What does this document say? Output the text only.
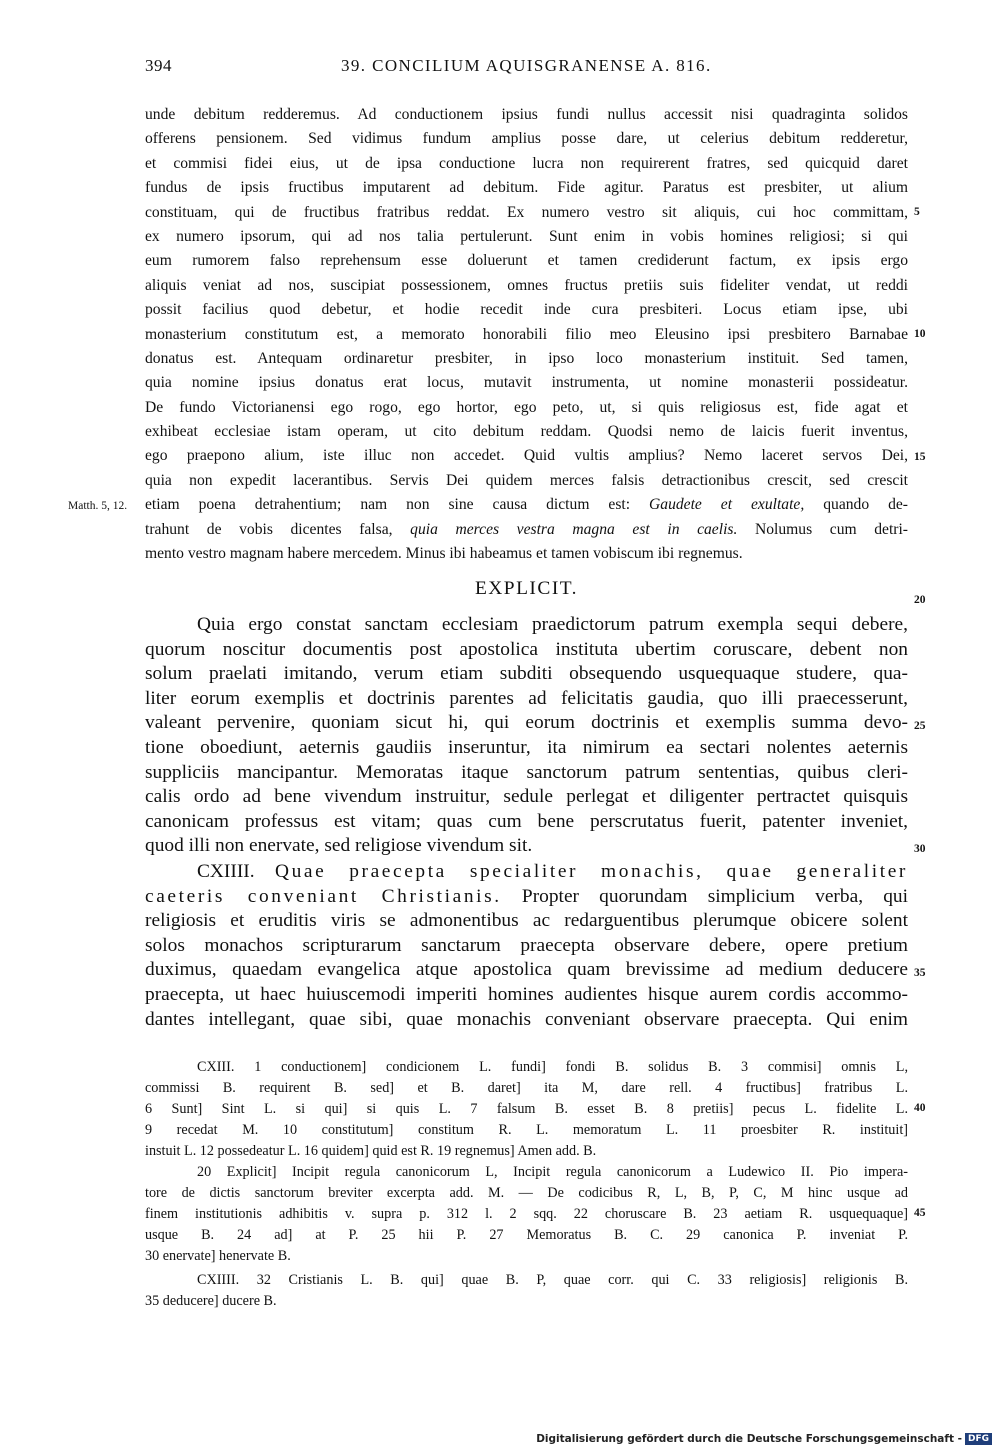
394	39. CONCILIUM AQUISGRANENSE A. 816.
unde debitum redderemus. Ad conductionem ipsius fundi nullus accessit nisi quadraginta solidos
offerens pensionem. Sed vidimus fundum amplius posse dare, ut celerius debitum redderetur,
et commisi fidei eius, ut de ipsa conductione lucra non requirerent fratres, sed quicquid daret
fundus de ipsis fructibus imputarent ad debitum. Fide agitur. Paratus est presbiter, ut alium
constituam, qui de fructibus fratribus reddat. Ex numero vestro sit aliquis, cui hoc committam,
ex numero ipsorum, qui ad nos talia pertulerunt. Sunt enim in vobis homines religiosi; si qui
eum rumorem falso reprehensum esse doluerunt et tamen crediderunt factum, ex ipsis ergo
aliquis veniat ad nos, suscipiat possessionem, omnes fructus pretiis suis fideliter vendat, ut reddi
possit facilius quod debetur, et hodie recedit inde cura presbiteri. Locus etiam ipse, ubi
monasterium constitutum est, a memorato honorabili filio meo Eleusino ipsi presbitero Barnabae
donatus est. Antequam ordinaretur presbiter, in ipso loco monasterium instituit. Sed tamen,
quia nomine ipsius donatus erat locus, mutavit instrumenta, ut nomine monasterii possideatur.
De fundo Victorianensi ego rogo, ego hortor, ego peto, ut, si quis religiosus est, fide agat et
exhibeat ecclesiae istam operam, ut cito debitum reddam. Quodsi nemo de laicis fuerit inventus,
ego praepono alium, iste illuc non accedet. Quid vultis amplius? Nemo laceret servos Dei,
quia non expedit lacerantibus. Servis Dei quidem merces falsis detractionibus crescit, sed crescit
etiam poena detrahentium; nam non sine causa dictum est: Gaudete et exultate, quando de-
trahunt de vobis dicentes falsa, quia merces vestra magna est in caelis. Nolumus cum detri-
mento vestro magnam habere mercedem. Minus ibi habeamus et tamen vobiscum ibi regnemus.
Matth. 5, 12.
EXPLICIT.
Quia ergo constat sanctam ecclesiam praedictorum patrum exempla sequi debere,
quorum noscitur documentis post apostolica instituta ubertim coruscare, debent non
solum praelati imitando, verum etiam subditi obsequendo usquequaque studere, qua-
liter eorum exemplis et doctrinis parentes ad felicitatis gaudia, quo illi praecesserunt,
valeant pervenire, quoniam sicut hi, qui eorum doctrinis et exemplis summa devo-
tione oboediunt, aeternis gaudiis inseruntur, ita nimirum ea sectari nolentes aeternis
suppliciis mancipantur. Memoratas itaque sanctorum patrum sententias, quibus cleri-
calis ordo ad bene vivendum instruitur, sedule perlegat et diligenter pertractet quisquis
canonicam professus est vitam; quas cum bene perscrutatus fuerit, patenter inveniet,
quod illi non enervate, sed religiose vivendum sit.
CXIIII. Quae praecepta specialiter monachis, quae generaliter
caeteris conveniant Christianis. Propter quorundam simplicium verba, qui
religiosis et eruditis viris se admonentibus ac redarguentibus plerumque obicere solent
solos monachos scripturarum sanctarum praecepta observare debere, opere pretium
duximus, quaedam evangelica atque apostolica quam brevissime ad medium deducere
praecepta, ut haec huiuscemodi imperiti homines audientes hisque aurem cordis accommo-
dantes intellegant, quae sibi, quae monachis conveniant observare praecepta. Qui enim
CXIII. 1 conductionem] condicionem L. fundi] fondi B. solidus B. 3 commisi] omnis L,
commissi B. requirent B. sed] et B. daret] ita M, dare rell. 4 fructibus] fratribus L.
6 Sunt] Sint L. si qui] si quis L. 7 falsum B. esset B. 8 pretiis] pecus L. fidelite L.
9 recedat M. 10 constitutum] constitum R. L. memoratum L. 11 proesbiter R. instituit]
instuit L. 12 possedeatur L. 16 quidem] quid est R. 19 regnemus] Amen add. B.
20 Explicit] Incipit regula canonicorum L, Incipit regula canonicorum a Ludewico II. Pio impera-
tore de dictis sanctorum breviter excerpta add. M. — De codicibus R, L, B, P, C, M hinc usque ad
finem institutionis adhibitis v. supra p. 312 l. 2 sqq. 22 choruscare B. 23 aetiam R. usquequaque]
usque B. 24 ad] at P. 25 hii P. 27 Memoratus B. C. 29 canonica P. inveniat P.
30 enervate] henervate B.
CXIIII. 32 Cristianis L. B. qui] quae B. P, quae corr. qui C. 33 religiosis] religionis B.
35 deducere] ducere B.
5
10
15
20
25
30
35
40
45
Digitalisierung gefördert durch die Deutsche Forschungsgemeinschaft - DFG
